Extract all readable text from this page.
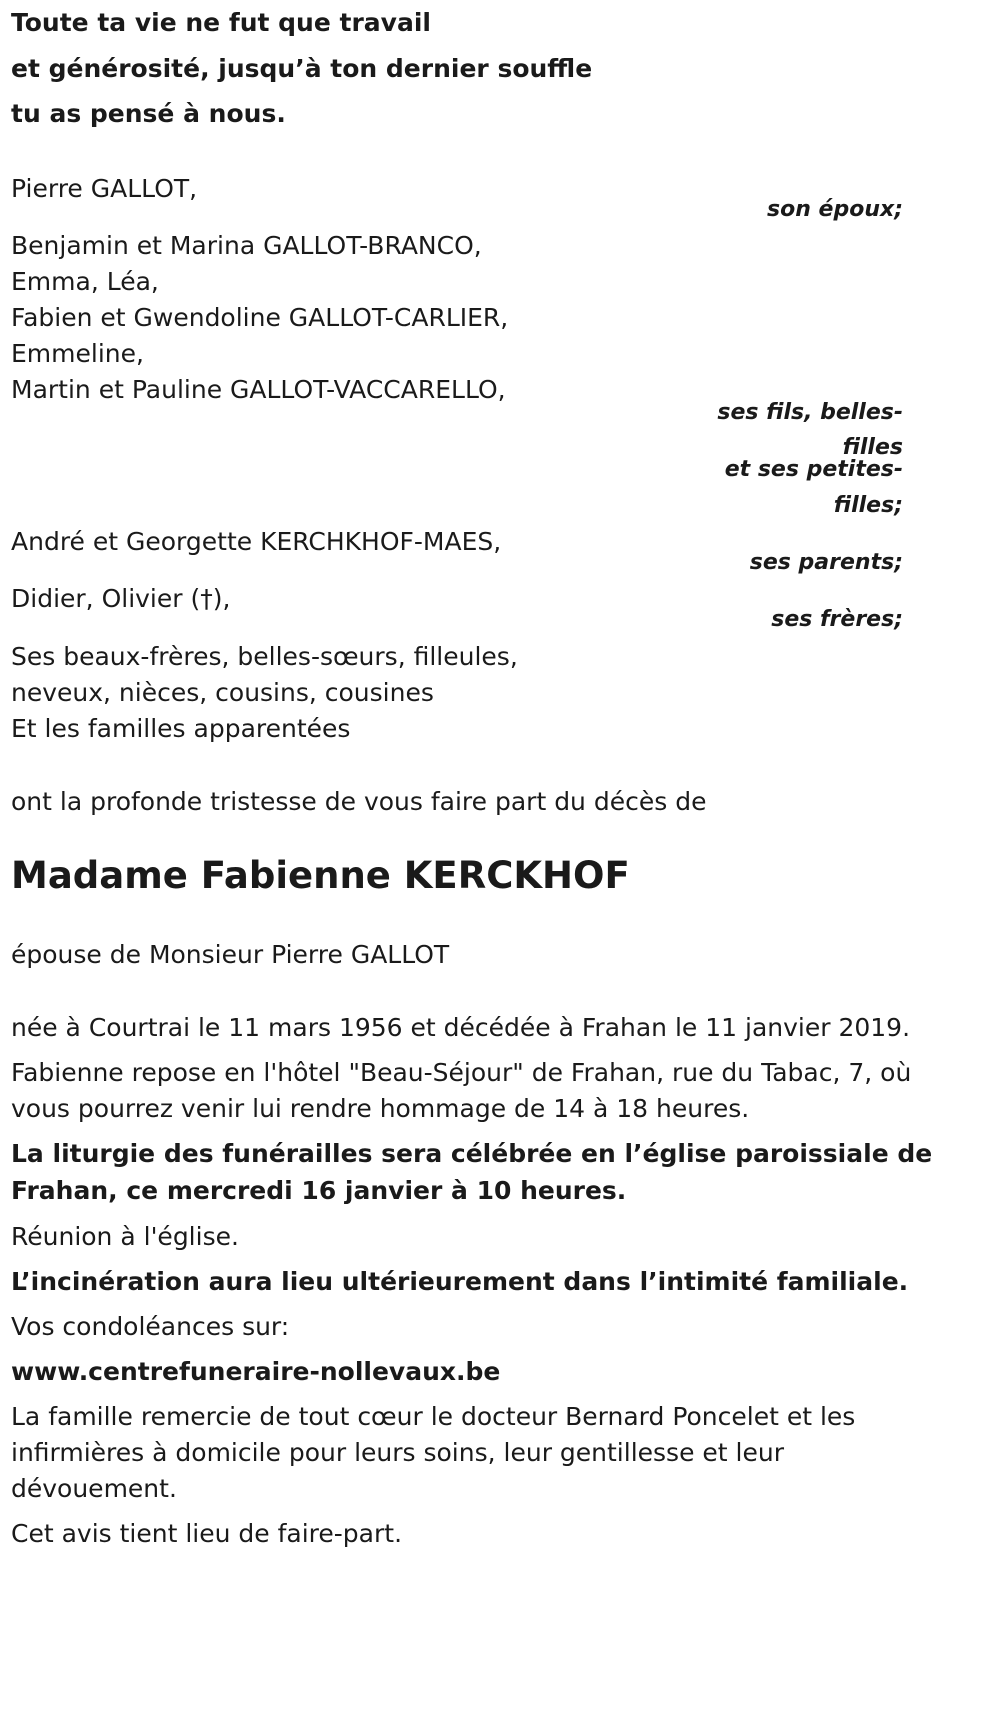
Toute ta vie ne fut que travail
et générosité, jusqu’à ton dernier souffle
tu as pensé à nous.
Pierre GALLOT,
son époux;
Benjamin et Marina GALLOT-BRANCO,
Emma, Léa,
Fabien et Gwendoline GALLOT-CARLIER,
Emmeline,
Martin et Pauline GALLOT-VACCARELLO,
ses fils, belles-
filles
et ses petites-
filles;
André et Georgette KERCHKHOF-MAES,
ses parents;
Didier, Olivier (†),
ses frères;
Ses beaux-frères, belles-sœurs, filleules,
neveux, nièces, cousins, cousines
Et les familles apparentées
ont la profonde tristesse de vous faire part du décès de
Madame Fabienne KERCKHOF
épouse de Monsieur Pierre GALLOT
née à Courtrai le 11 mars 1956 et décédée à Frahan le 11 janvier 2019.
Fabienne repose en l'hôtel "Beau-Séjour" de Frahan, rue du Tabac, 7, où
vous pourrez venir lui rendre hommage de 14 à 18 heures.
La liturgie des funérailles sera célébrée en l’église paroissiale de
Frahan, ce mercredi 16 janvier à 10 heures.
Réunion à l'église.
L’incinération aura lieu ultérieurement dans l’intimité familiale.
Vos condoléances sur:
www.centrefuneraire-nollevaux.be
La famille remercie de tout cœur le docteur Bernard Poncelet et les
infirmières à domicile pour leurs soins, leur gentillesse et leur
dévouement.
Cet avis tient lieu de faire-part.
